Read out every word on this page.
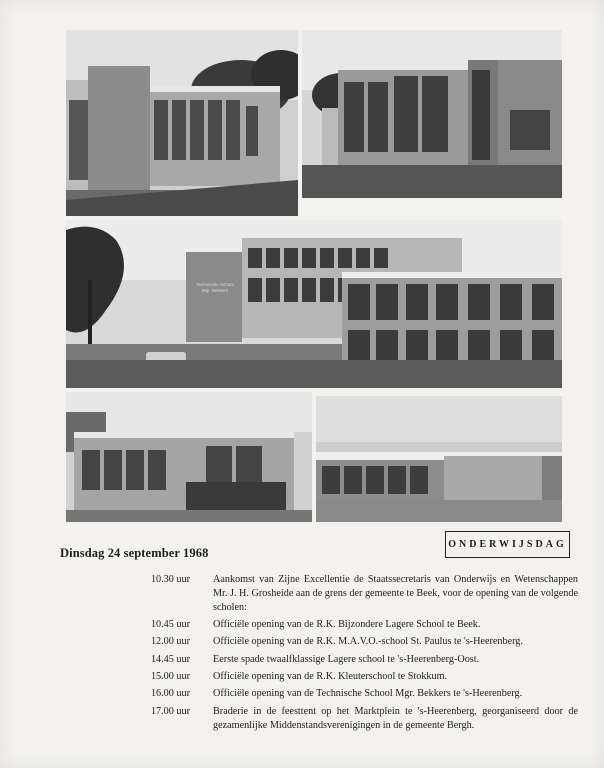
Technische School
Mgr. Bekkers
Dinsdag 24 september 1968
ONDERWIJSDAG
10.30 uur Aankomst van Zijne Excellentie de Staatssecretaris van Onderwijs en Wetenschappen Mr. J. H. Grosheide aan de grens der gemeente te Beek, voor de opening van de volgende scholen:
10.45 uur Officiële opening van de R.K. Bijzondere Lagere School te Beek.
12.00 uur Officiële opening van de R.K. M.A.V.O.-school St. Paulus te 's-Heerenberg.
14.45 uur Eerste spade twaalfklassige Lagere school te 's-Heerenberg-Oost.
15.00 uur Officiële opening van de R.K. Kleuterschool te Stokkum.
16.00 uur Officiële opening van de Technische School Mgr. Bekkers te 's-Heerenberg.
17.00 uur Braderie in de feesttent op het Marktplein te 's-Heerenberg, georganiseerd door de gezamenlijke Middenstandsverenigingen in de gemeente Bergh.
